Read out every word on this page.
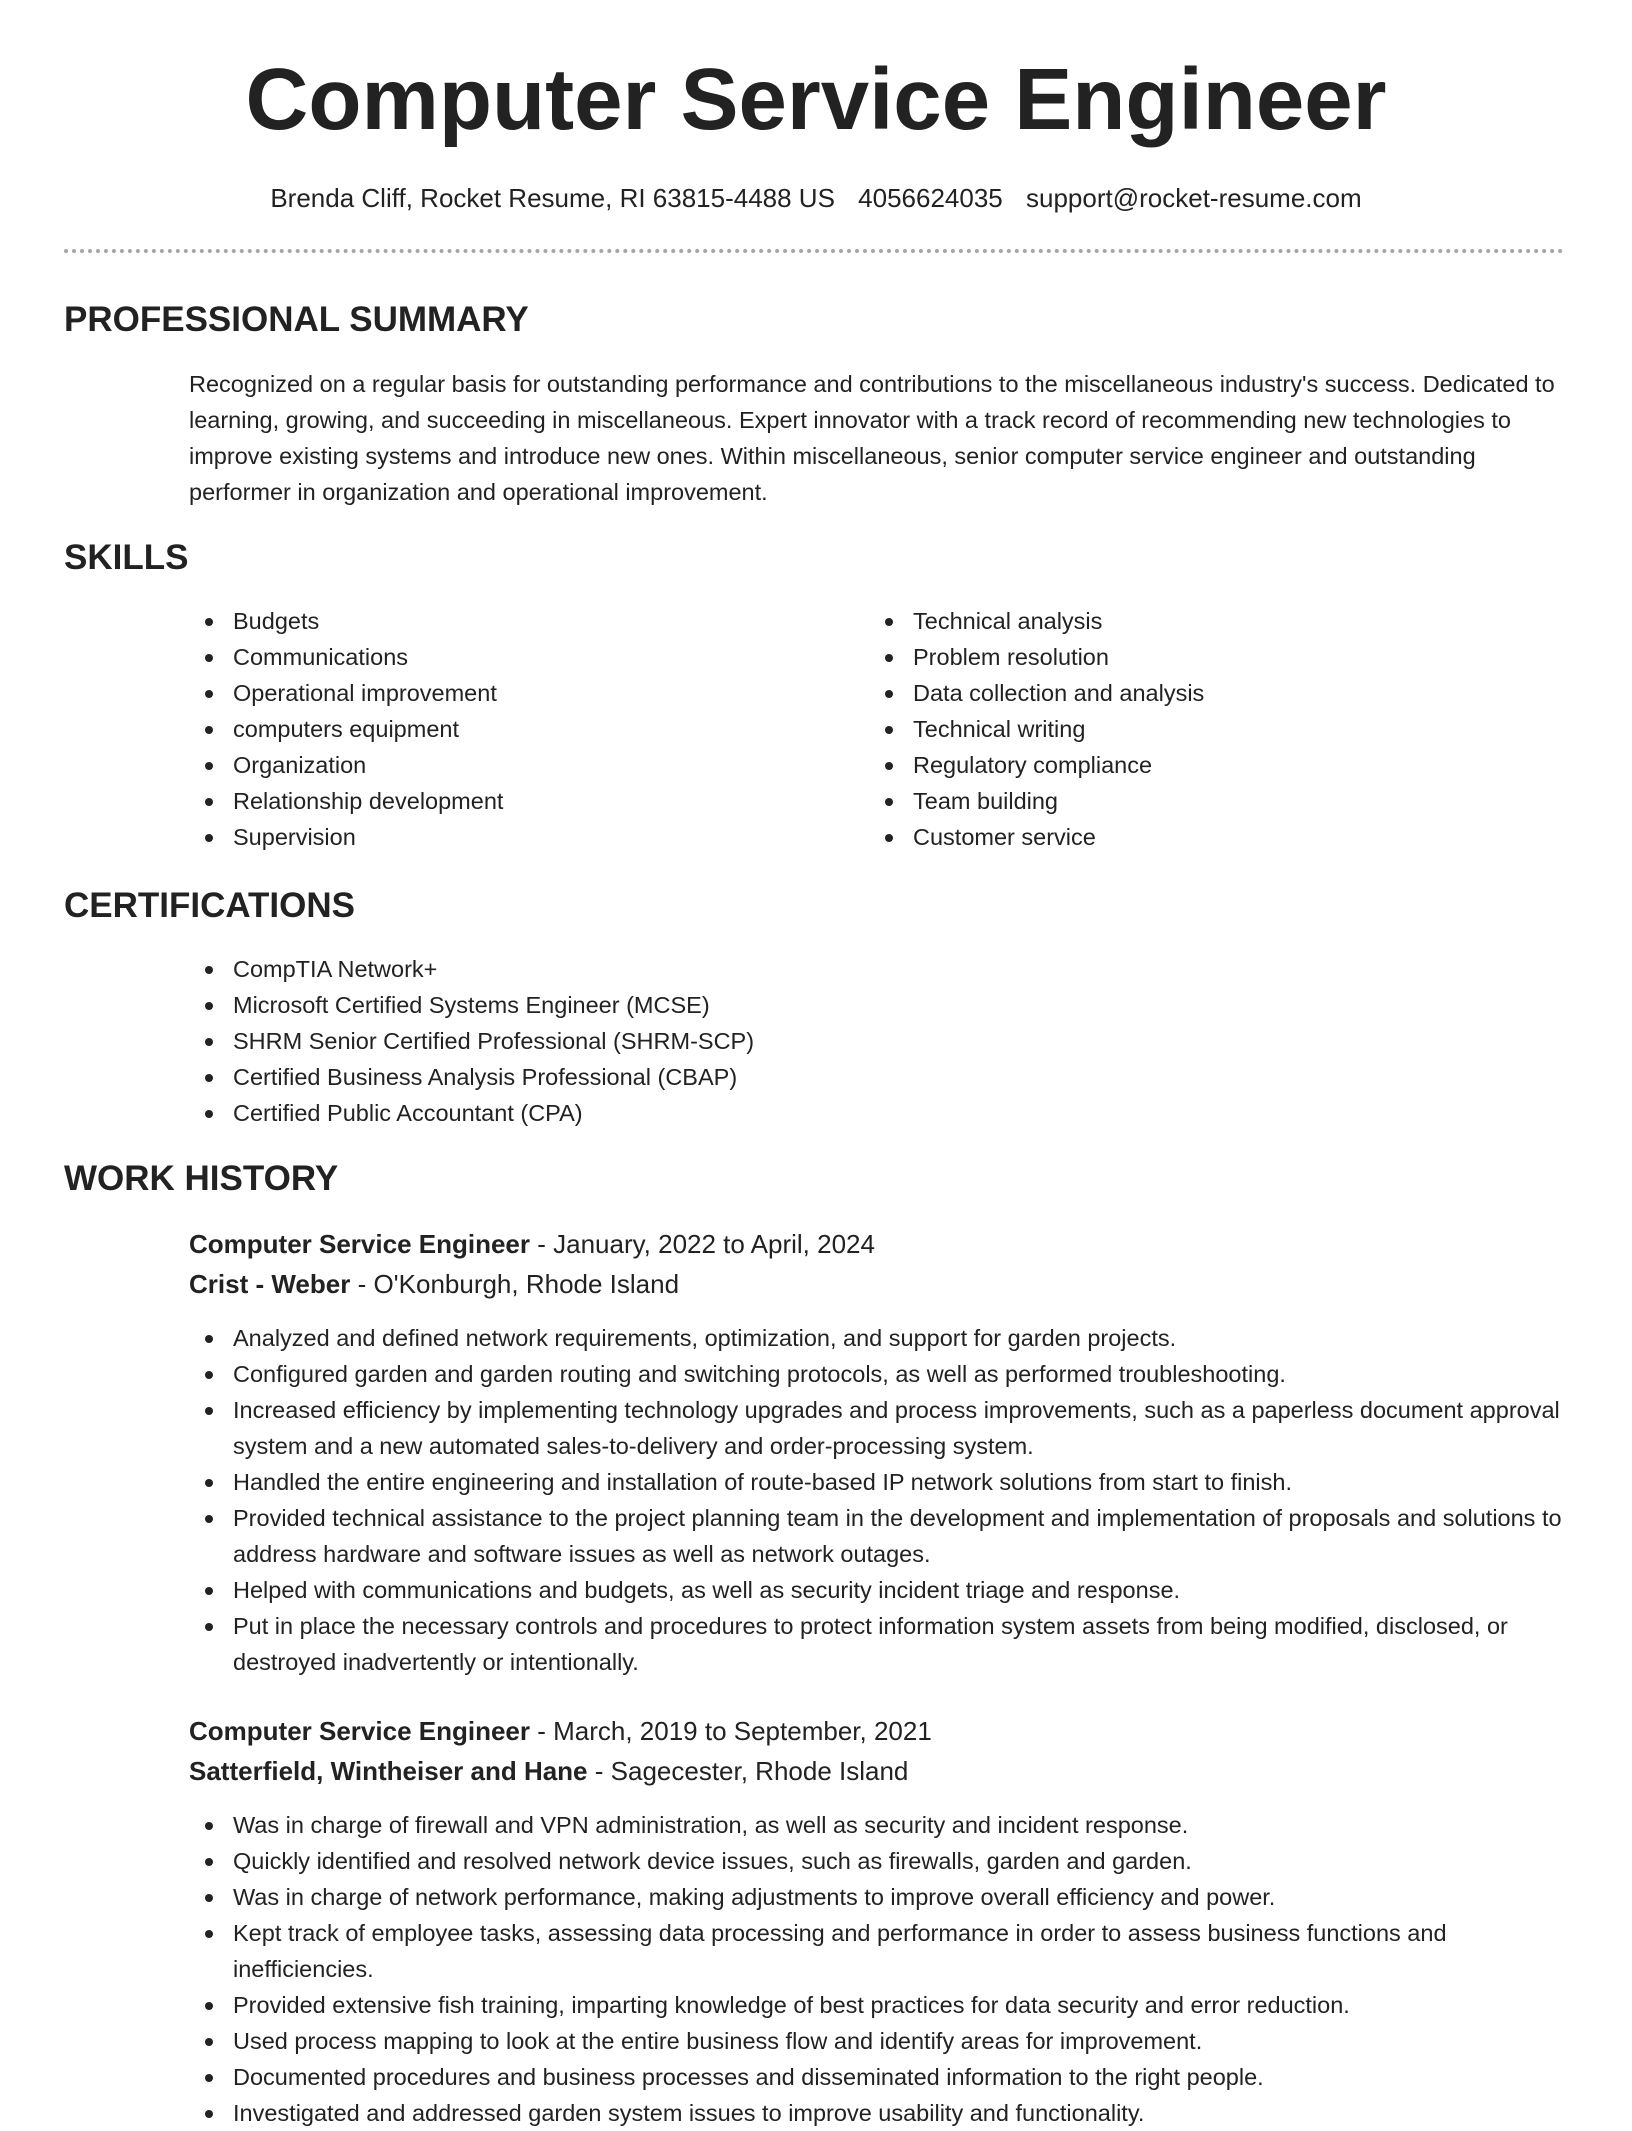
Computer Service Engineer
Brenda Cliff, Rocket Resume, RI 63815-4488 US 4056624035 support@rocket-resume.com
PROFESSIONAL SUMMARY
Recognized on a regular basis for outstanding performance and contributions to the miscellaneous industry's success. Dedicated to learning, growing, and succeeding in miscellaneous. Expert innovator with a track record of recommending new technologies to improve existing systems and introduce new ones. Within miscellaneous, senior computer service engineer and outstanding performer in organization and operational improvement.
SKILLS
Budgets
Communications
Operational improvement
computers equipment
Organization
Relationship development
Supervision
Technical analysis
Problem resolution
Data collection and analysis
Technical writing
Regulatory compliance
Team building
Customer service
CERTIFICATIONS
CompTIA Network+
Microsoft Certified Systems Engineer (MCSE)
SHRM Senior Certified Professional (SHRM-SCP)
Certified Business Analysis Professional (CBAP)
Certified Public Accountant (CPA)
WORK HISTORY
Computer Service Engineer - January, 2022 to April, 2024
Crist - Weber - O'Konburgh, Rhode Island
Analyzed and defined network requirements, optimization, and support for garden projects.
Configured garden and garden routing and switching protocols, as well as performed troubleshooting.
Increased efficiency by implementing technology upgrades and process improvements, such as a paperless document approval system and a new automated sales-to-delivery and order-processing system.
Handled the entire engineering and installation of route-based IP network solutions from start to finish.
Provided technical assistance to the project planning team in the development and implementation of proposals and solutions to address hardware and software issues as well as network outages.
Helped with communications and budgets, as well as security incident triage and response.
Put in place the necessary controls and procedures to protect information system assets from being modified, disclosed, or destroyed inadvertently or intentionally.
Computer Service Engineer - March, 2019 to September, 2021
Satterfield, Wintheiser and Hane - Sagecester, Rhode Island
Was in charge of firewall and VPN administration, as well as security and incident response.
Quickly identified and resolved network device issues, such as firewalls, garden and garden.
Was in charge of network performance, making adjustments to improve overall efficiency and power.
Kept track of employee tasks, assessing data processing and performance in order to assess business functions and inefficiencies.
Provided extensive fish training, imparting knowledge of best practices for data security and error reduction.
Used process mapping to look at the entire business flow and identify areas for improvement.
Documented procedures and business processes and disseminated information to the right people.
Investigated and addressed garden system issues to improve usability and functionality.
